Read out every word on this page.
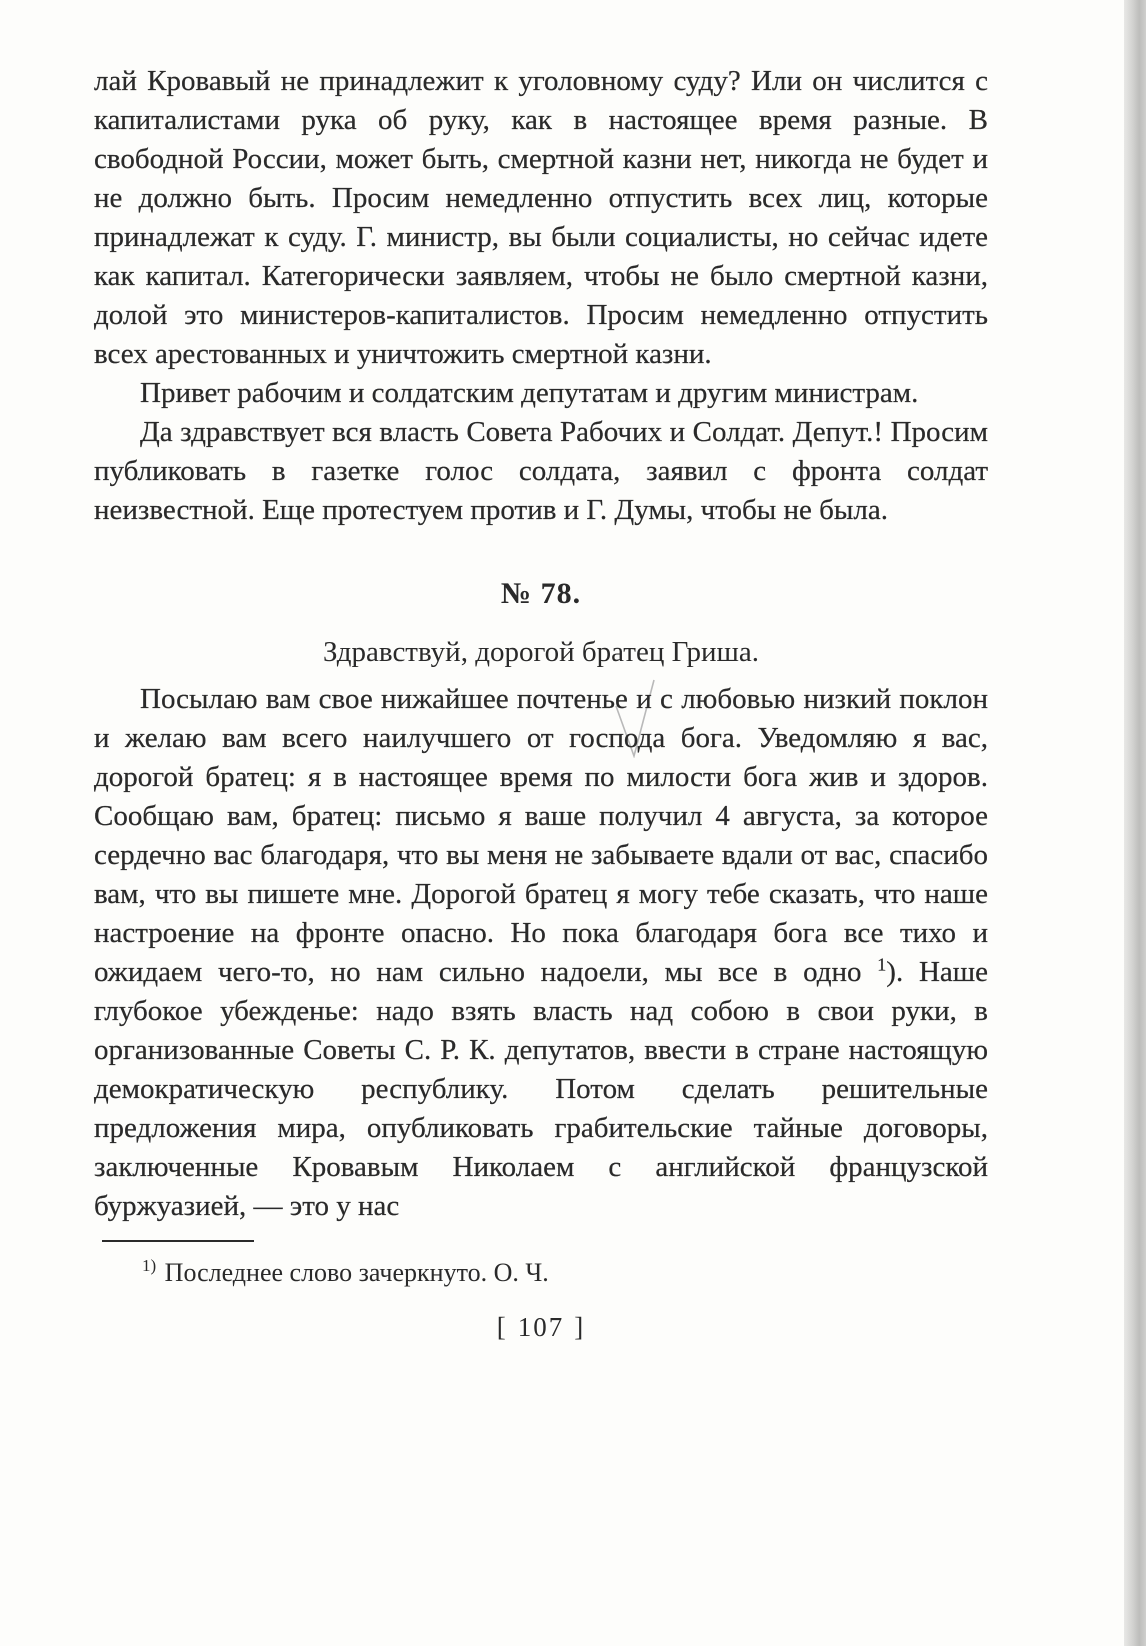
лай Кровавый не принадлежит к уголовному суду? Или он числится с капиталистами рука об руку, как в настоящее время разные. В свободной России, может быть, смертной казни нет, никогда не будет и не должно быть. Просим немедленно отпустить всех лиц, которые принадлежат к суду. Г. министр, вы были социалисты, но сейчас идете как капитал. Категорически заявляем, чтобы не было смертной казни, долой это министеров-капиталистов. Просим немедленно отпустить всех арестованных и уничтожить смертной казни.

Привет рабочим и солдатским депутатам и другим министрам.

Да здравствует вся власть Совета Рабочих и Солдат. Депут.! Просим публиковать в газетке голос солдата, заявил с фронта солдат неизвестной. Еще протестуем против и Г. Думы, чтобы не была.

№ 78.
Здравствуй, дорогой братец Гриша.

Посылаю вам свое нижайшее почтенье и с любовью низкий поклон и желаю вам всего наилучшего от господа бога. Уведомляю я вас, дорогой братец: я в настоящее время по милости бога жив и здоров. Сообщаю вам, братец: письмо я ваше получил 4 августа, за которое сердечно вас благодаря, что вы меня не забываете вдали от вас, спасибо вам, что вы пишете мне. Дорогой братец я могу тебе сказать, что наше настроение на фронте опасно. Но пока благодаря бога все тихо и ожидаем чего-то, но нам сильно надоели, мы все в одно $^1$). Наше глубокое убежденье: надо взять власть над собою в свои руки, в организованные Советы С. Р. К. депутатов, ввести в стране настоящую демократическую республику. Потом сделать решительные предложения мира, опубликовать грабительские тайные договоры, заключенные Кровавым Николаем с английской французской буржуазией, — это у нас

$^{1)}$ Последнее слово зачеркнуто. О. Ч.
[ 107 ]
